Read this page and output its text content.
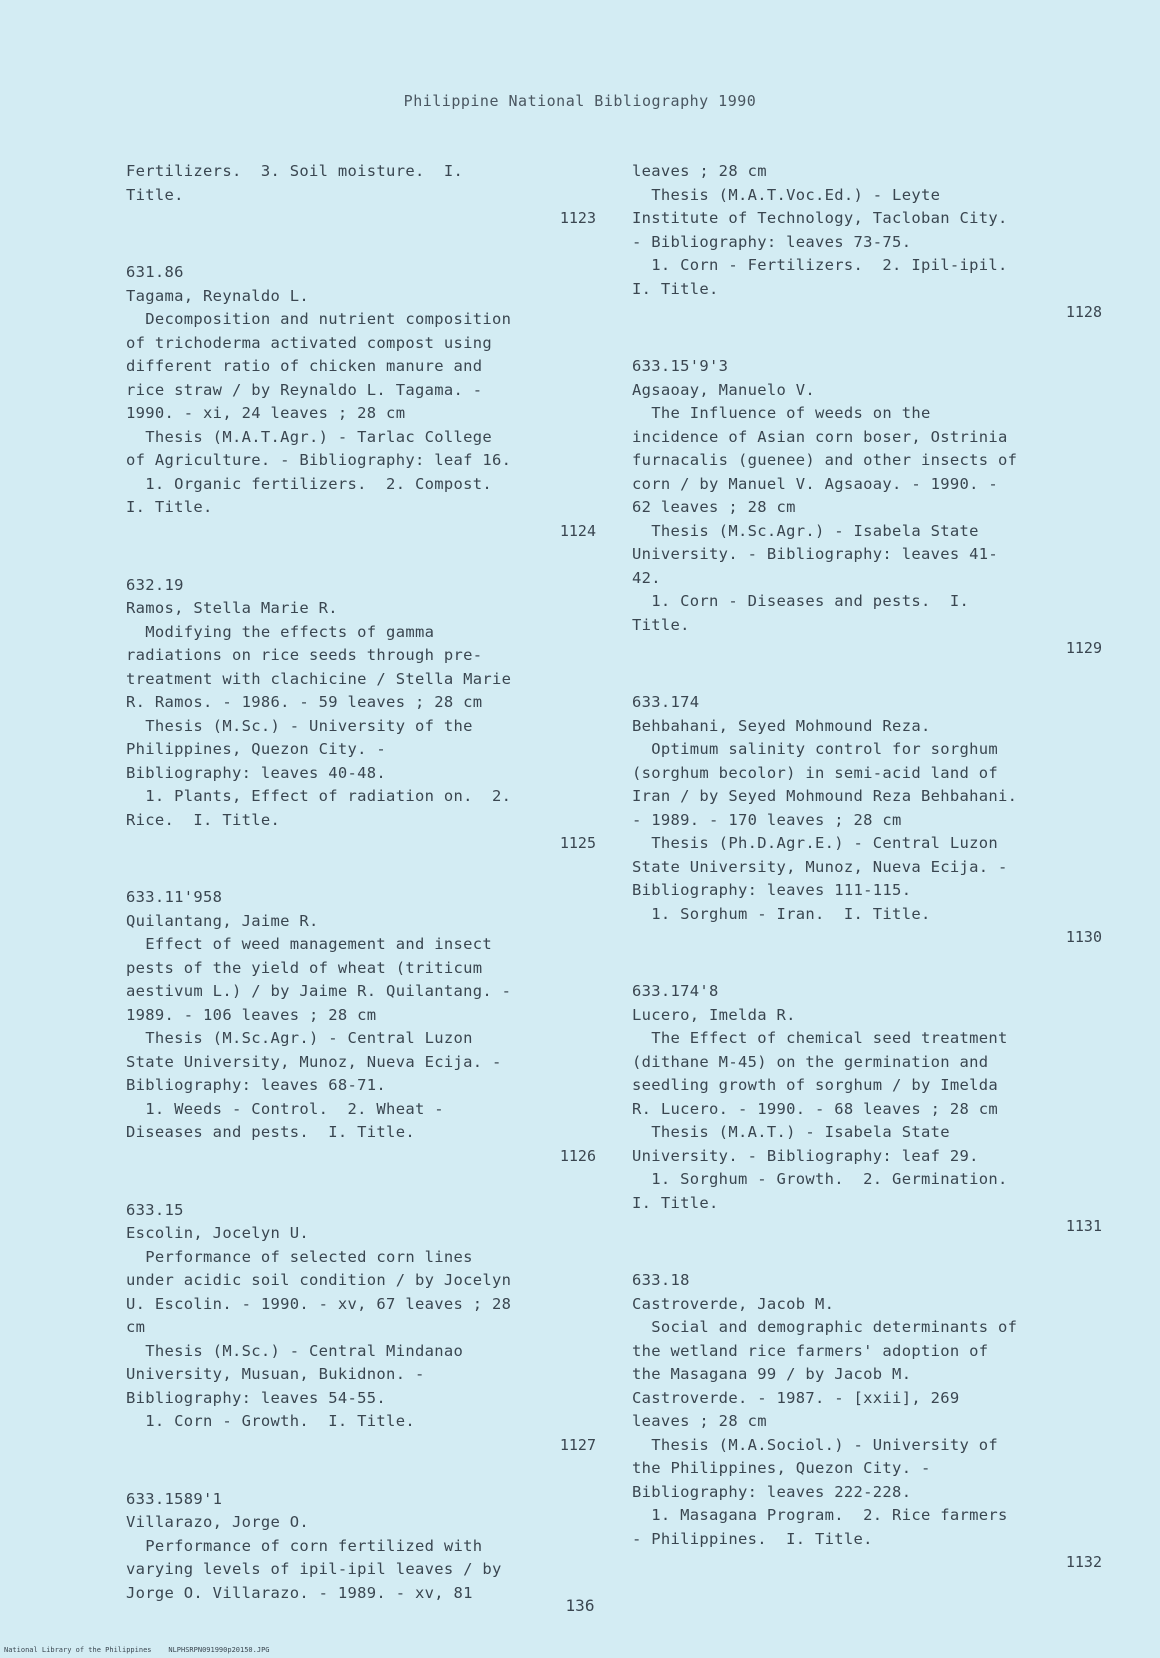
Philippine National Bibliography 1990
Fertilizers.  3. Soil moisture.  I.
Title.
1123
631.86
Tagama, Reynaldo L.
Decomposition and nutrient composition
of trichoderma activated compost using
different ratio of chicken manure and
rice straw / by Reynaldo L. Tagama. -
1990. - xi, 24 leaves ; 28 cm
Thesis (M.A.T.Agr.) - Tarlac College
of Agriculture. - Bibliography: leaf 16.
1. Organic fertilizers.  2. Compost.
I. Title.
1124
632.19
Ramos, Stella Marie R.
Modifying the effects of gamma
radiations on rice seeds through pre-
treatment with clachicine / Stella Marie
R. Ramos. - 1986. - 59 leaves ; 28 cm
Thesis (M.Sc.) - University of the
Philippines, Quezon City. -
Bibliography: leaves 40-48.
1. Plants, Effect of radiation on.  2.
Rice.  I. Title.
1125
633.11'958
Quilantang, Jaime R.
Effect of weed management and insect
pests of the yield of wheat (triticum
aestivum L.) / by Jaime R. Quilantang. -
1989. - 106 leaves ; 28 cm
Thesis (M.Sc.Agr.) - Central Luzon
State University, Munoz, Nueva Ecija. -
Bibliography: leaves 68-71.
1. Weeds - Control.  2. Wheat -
Diseases and pests.  I. Title.
1126
633.15
Escolin, Jocelyn U.
Performance of selected corn lines
under acidic soil condition / by Jocelyn
U. Escolin. - 1990. - xv, 67 leaves ; 28
cm
Thesis (M.Sc.) - Central Mindanao
University, Musuan, Bukidnon. -
Bibliography: leaves 54-55.
1. Corn - Growth.  I. Title.
1127
633.1589'1
Villarazo, Jorge O.
Performance of corn fertilized with
varying levels of ipil-ipil leaves / by
Jorge O. Villarazo. - 1989. - xv, 81
leaves ; 28 cm
Thesis (M.A.T.Voc.Ed.) - Leyte
Institute of Technology, Tacloban City.
- Bibliography: leaves 73-75.
1. Corn - Fertilizers.  2. Ipil-ipil.
I. Title.
1128
633.15'9'3
Agsaoay, Manuelo V.
The Influence of weeds on the
incidence of Asian corn boser, Ostrinia
furnacalis (guenee) and other insects of
corn / by Manuel V. Agsaoay. - 1990. -
62 leaves ; 28 cm
Thesis (M.Sc.Agr.) - Isabela State
University. - Bibliography: leaves 41-
42.
1. Corn - Diseases and pests.  I.
Title.
1129
633.174
Behbahani, Seyed Mohmound Reza.
Optimum salinity control for sorghum
(sorghum becolor) in semi-acid land of
Iran / by Seyed Mohmound Reza Behbahani.
- 1989. - 170 leaves ; 28 cm
Thesis (Ph.D.Agr.E.) - Central Luzon
State University, Munoz, Nueva Ecija. -
Bibliography: leaves 111-115.
1. Sorghum - Iran.  I. Title.
1130
633.174'8
Lucero, Imelda R.
The Effect of chemical seed treatment
(dithane M-45) on the germination and
seedling growth of sorghum / by Imelda
R. Lucero. - 1990. - 68 leaves ; 28 cm
Thesis (M.A.T.) - Isabela State
University. - Bibliography: leaf 29.
1. Sorghum - Growth.  2. Germination.
I. Title.
1131
633.18
Castroverde, Jacob M.
Social and demographic determinants of
the wetland rice farmers' adoption of
the Masagana 99 / by Jacob M.
Castroverde. - 1987. - [xxii], 269
leaves ; 28 cm
Thesis (M.A.Sociol.) - University of
the Philippines, Quezon City. -
Bibliography: leaves 222-228.
1. Masagana Program.  2. Rice farmers
- Philippines.  I. Title.
1132
136
National Library of the Philippines    NLPHSRPN091990p20150.JPG
